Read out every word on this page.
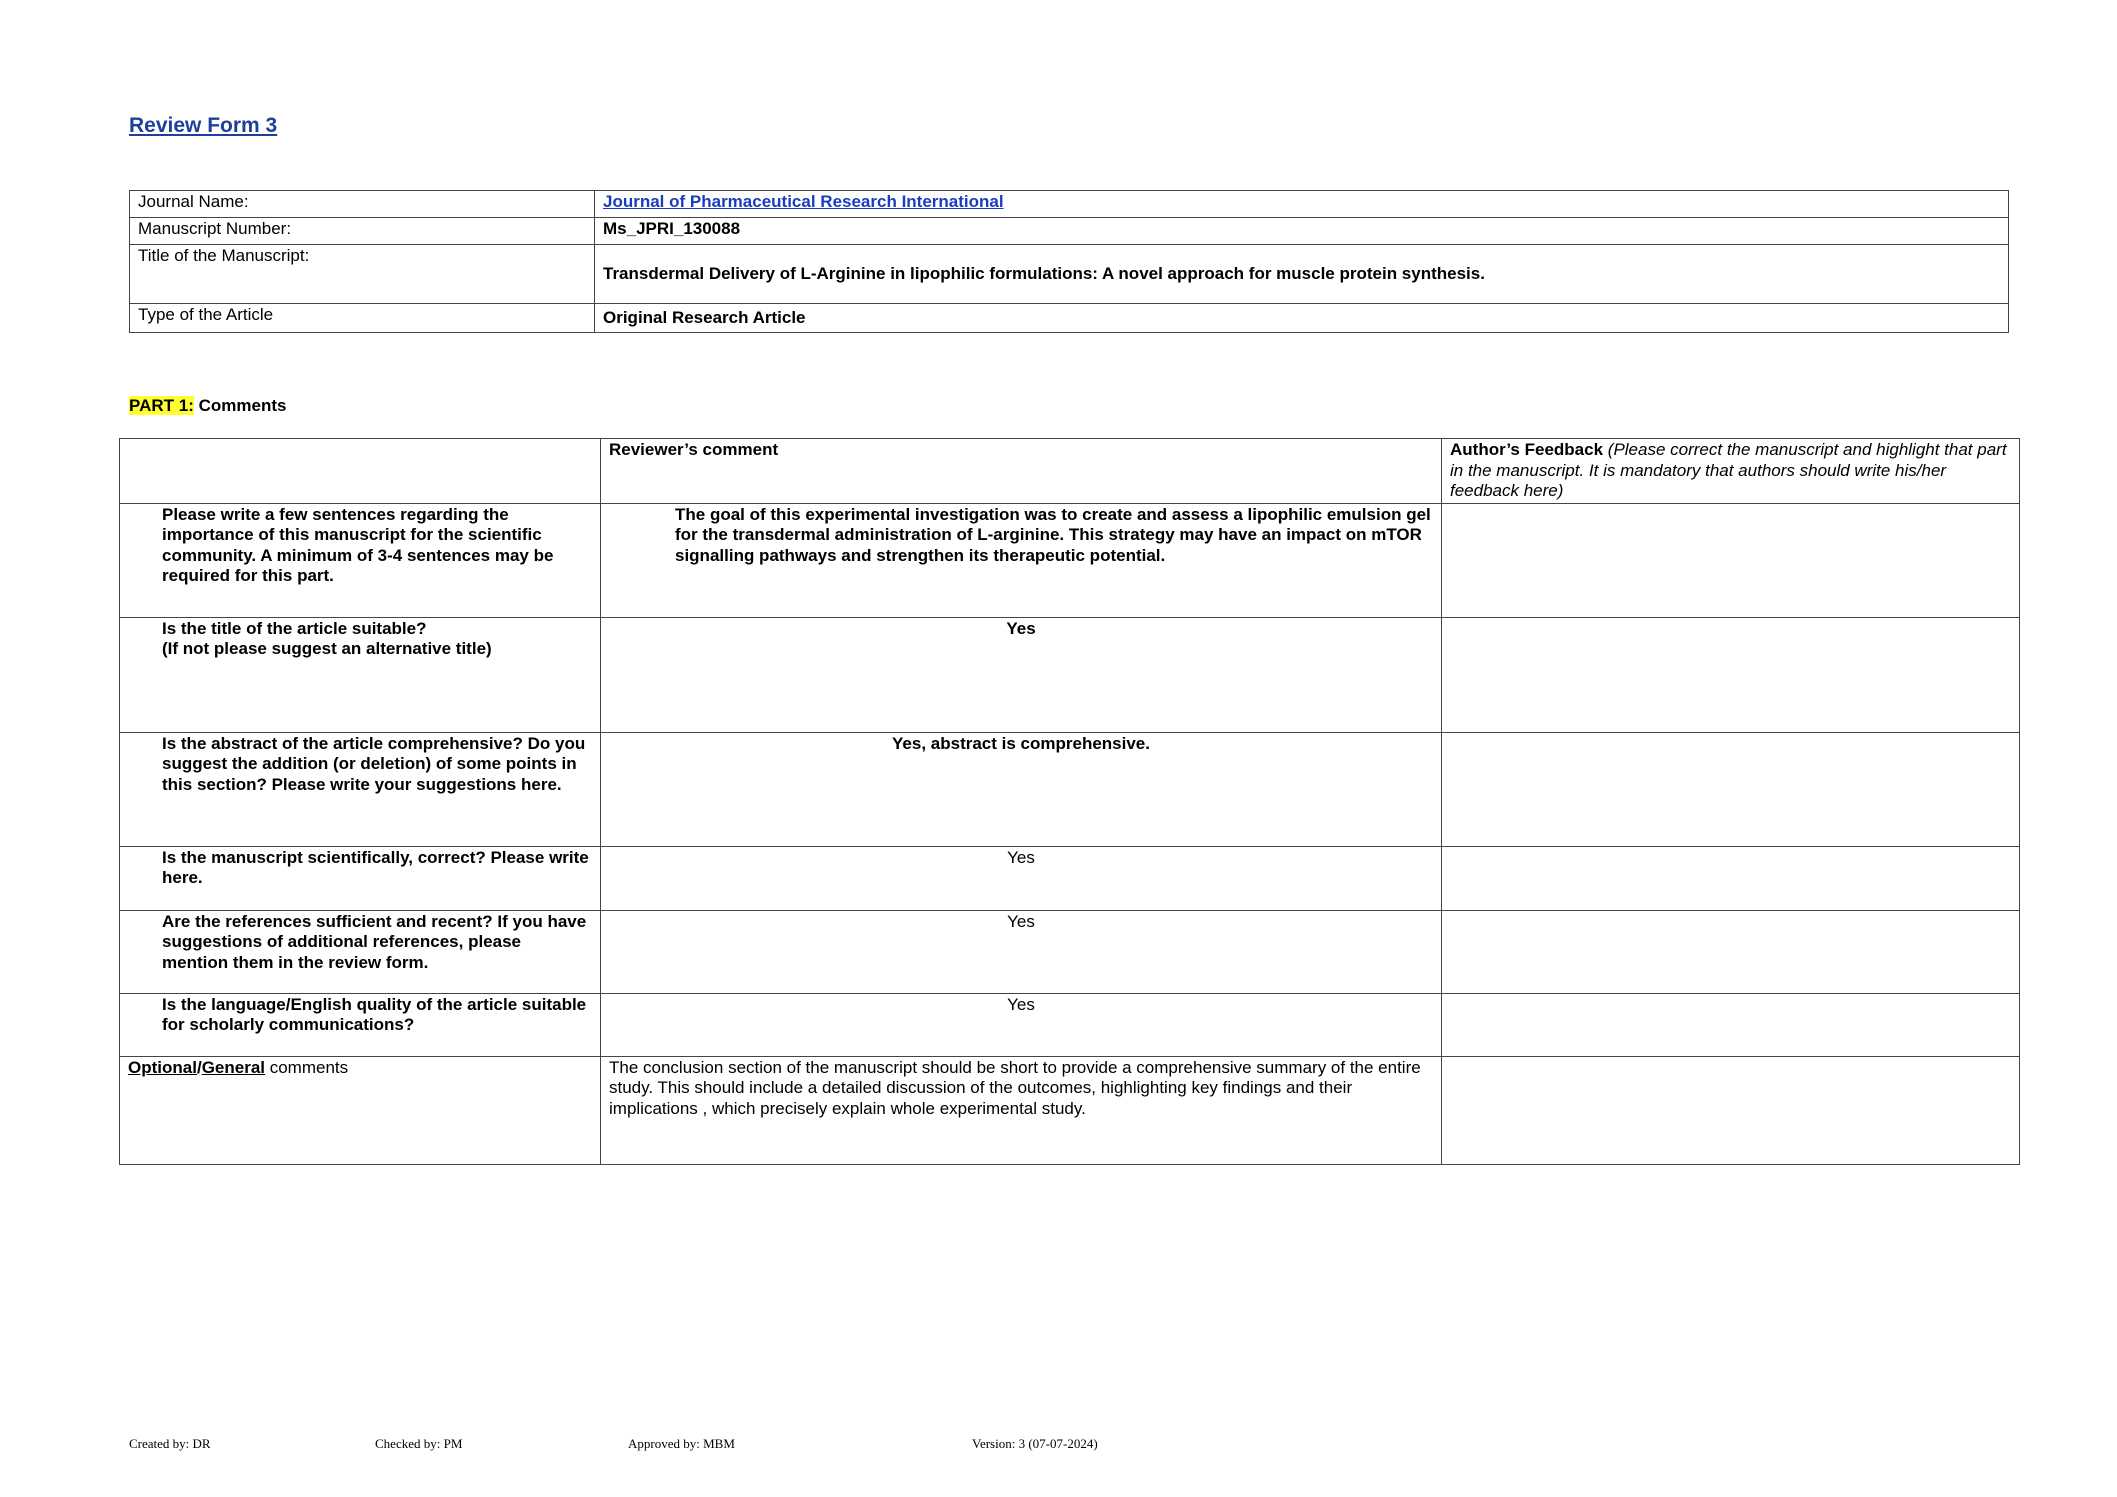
Review Form 3
Journal Name:	Journal of Pharmaceutical Research International
Manuscript Number:	Ms_JPRI_130088
Title of the Manuscript:	Transdermal Delivery of L-Arginine in lipophilic formulations: A novel approach for muscle protein synthesis.
Type of the Article	Original Research Article
PART 1: Comments
	Reviewer’s comment	Author’s Feedback (Please correct the manuscript and highlight that part in the manuscript. It is mandatory that authors should write his/her feedback here)
Please write a few sentences regarding the importance of this manuscript for the scientific community. A minimum of 3-4 sentences may be required for this part.	The goal of this experimental investigation was to create and assess a lipophilic emulsion gel for the transdermal administration of L-arginine. This strategy may have an impact on mTOR signalling pathways and strengthen its therapeutic potential.	

Is the title of the article suitable?
(If not please suggest an alternative title)	Yes	
Is the abstract of the article comprehensive? Do you suggest the addition (or deletion) of some points in this section? Please write your suggestions here.	Yes, abstract is comprehensive.	
Is the manuscript scientifically, correct? Please write here.	Yes	
Are the references sufficient and recent? If you have suggestions of additional references, please mention them in the review form.	Yes	
Is the language/English quality of the article suitable for scholarly communications?	Yes	
Optional/General comments	The conclusion section of the manuscript should be short to provide a comprehensive summary of the entire study. This should include a detailed discussion of the outcomes, highlighting key findings and their implications , which precisely explain whole experimental study.	
Created by: DR	Checked by: PM	Approved by: MBM	Version: 3 (07-07-2024)
